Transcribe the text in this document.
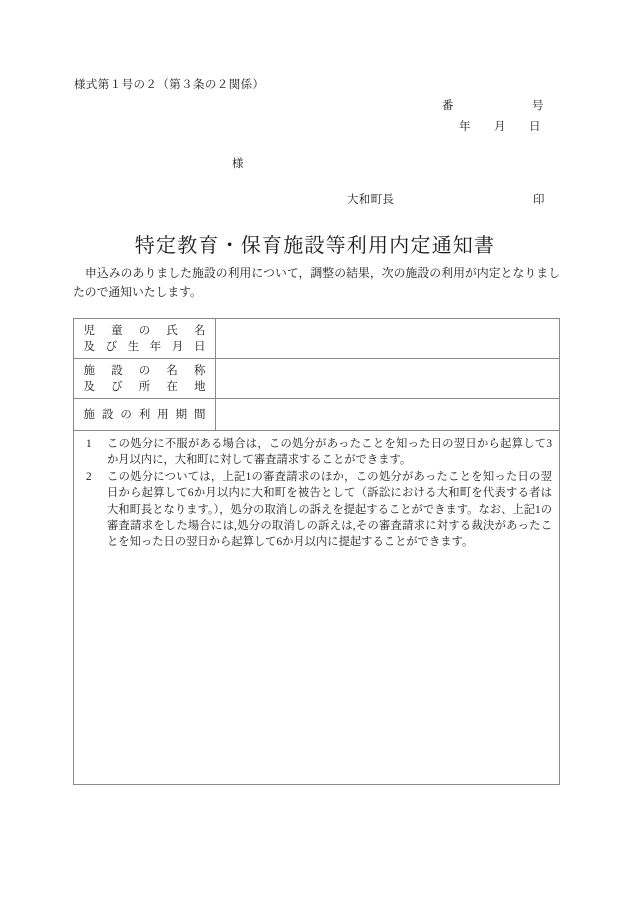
様式第１号の２（第３条の２関係）
番	号
年 月 日
様
大和町長	印
特定教育・保育施設等利用内定通知書

申込みのありました施設の利用について，調整の結果，次の施設の利用が内定となりましたので通知いたします。

児童の氏名
及び生年月日
施設の名称
及び所在地
施設の利用期間

1 この処分に不服がある場合は，この処分があったことを知った日の翌日から起算して3か月以内に，大和町に対して審査請求することができます。

2 この処分については，上記1の審査請求のほか，この処分があったことを知った日の翌日から起算して6か月以内に大和町を被告として（訴訟における大和町を代表する者は大和町長となります。），処分の取消しの訴えを提起することができます。なお、上記1の審査請求をした場合には,処分の取消しの訴えは,その審査請求に対する裁決があったことを知った日の翌日から起算して6か月以内に提起することができます。
